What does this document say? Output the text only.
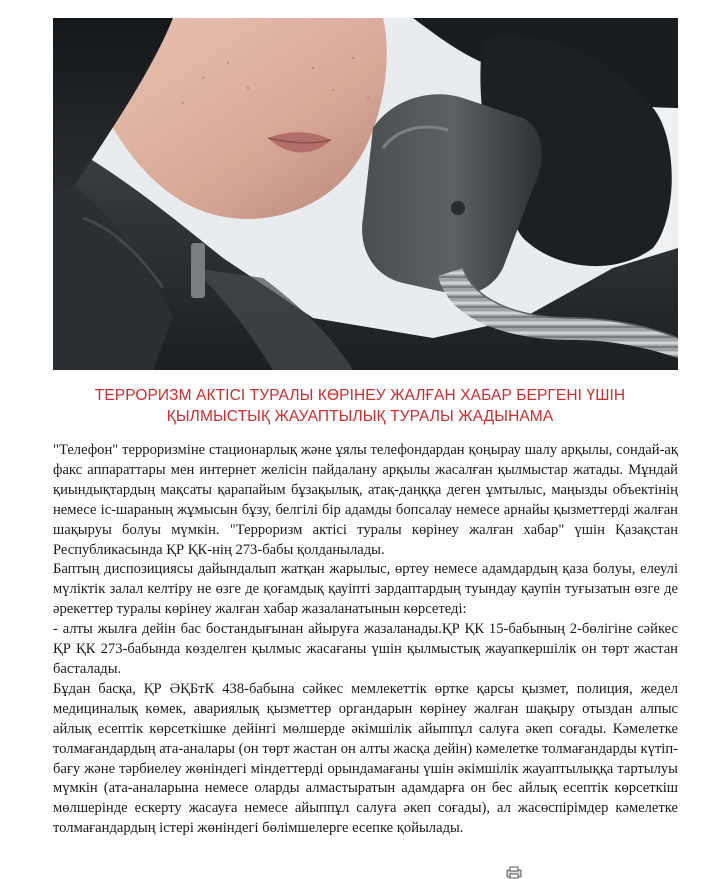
ТЕРРОРИЗМ АКТІСІ ТУРАЛЫ КӨРІНЕУ ЖАЛҒАН ХАБАР БЕРГЕНІ ҮШІН
ҚЫЛМЫСТЫҚ ЖАУАПТЫЛЫҚ ТУРАЛЫ ЖАДЫНАМА

"Телефон" терроризміне стационарлық және ұялы телефондардан қоңырау шалу арқылы, сондай-ақ факс аппараттары мен интернет желісін пайдалану арқылы жасалған қылмыстар жатады. Мұндай қиындықтардың мақсаты қарапайым бұзақылық, атақ-даңққа деген ұмтылыс, маңызды объектінің немесе іс-шараның жұмысын бұзу, белгілі бір адамды бопсалау немесе арнайы қызметтерді жалған шақыруы болуы мүмкін. "Терроризм актісі туралы көрінеу жалған хабар" үшін Қазақстан Республикасында ҚР ҚК-нің 273-бабы қолданылады.

Баптың диспозициясы дайындалып жатқан жарылыс, өртеу немесе адамдардың қаза болуы, елеулі мүліктік залал келтіру не өзге де қоғамдық қауіпті зардаптардың туындау қаупін туғызатын өзге де әрекеттер туралы көрінеу жалған хабар жазаланатынын көрсетеді:

- алты жылға дейін бас бостандығынан айыруға жазаланады.ҚР ҚК 15-бабының 2-бөлігіне сәйкес ҚР ҚК 273-бабында көзделген қылмыс жасағаны үшін қылмыстық жауапкершілік он төрт жастан басталады.

Бұдан басқа, ҚР ӘҚБтК 438-бабына сәйкес мемлекеттік өртке қарсы қызмет, полиция, жедел медициналық көмек, авариялық қызметтер органдарын көрінеу жалған шақыру отыздан алпыс айлық есептік көрсеткішке дейінгі мөлшерде әкімшілік айыппұл салуға әкеп соғады. Кәмелетке толмағандардың ата-аналары (он төрт жастан он алты жасқа дейін) кәмелетке толмағандарды күтіп-бағу және тәрбиелеу жөніндегі міндеттерді орындамағаны үшін әкімшілік жауаптылыққа тартылуы мүмкін (ата-аналарына немесе оларды алмастыратын адамдарға он бес айлық есептік көрсеткіш мөлшерінде ескерту жасауға немесе айыппұл салуға әкеп соғады), ал жасөспірімдер кәмелетке толмағандардың істері жөніндегі бөлімшелерге есепке қойылады.
